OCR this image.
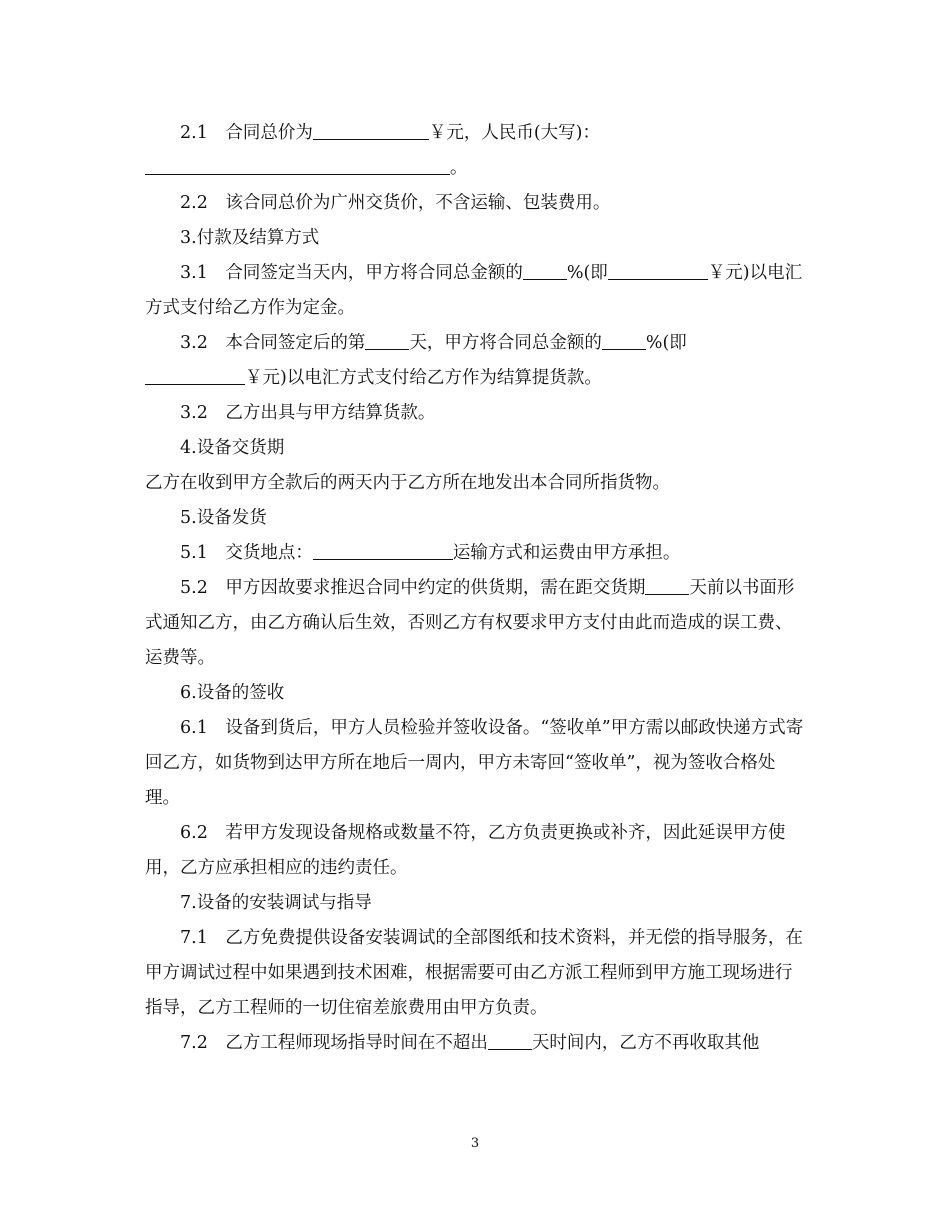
2.1　合同总价为	￥元，人民币(大写)：

。

2.2　该合同总价为广州交货价，不含运输、包装费用。

3.付款及结算方式

3.1　合同签定当天内，甲方将合同总金额的	%(即	￥元)以电汇方式支付给乙方作为定金。

3.2　本合同签定后的第	天，甲方将合同总金额的	%(即

￥元)以电汇方式支付给乙方作为结算提货款。

3.2　乙方出具与甲方结算货款。

4.设备交货期

乙方在收到甲方全款后的两天内于乙方所在地发出本合同所指货物。

5.设备发货

5.1　交货地点：	运输方式和运费由甲方承担。

5.2　甲方因故要求推迟合同中约定的供货期，需在距交货期	天前以书面形式通知乙方，由乙方确认后生效，否则乙方有权要求甲方支付由此而造成的误工费、运费等。

6.设备的签收

6.1　设备到货后，甲方人员检验并签收设备。“签收单”甲方需以邮政快递方式寄回乙方，如货物到达甲方所在地后一周内，甲方未寄回“签收单”，视为签收合格处理。

6.2　若甲方发现设备规格或数量不符，乙方负责更换或补齐，因此延误甲方使用，乙方应承担相应的违约责任。

7.设备的安装调试与指导

7.1　乙方免费提供设备安装调试的全部图纸和技术资料，并无偿的指导服务，在甲方调试过程中如果遇到技术困难，根据需要可由乙方派工程师到甲方施工现场进行指导，乙方工程师的一切住宿差旅费用由甲方负责。

7.2　乙方工程师现场指导时间在不超出	天时间内，乙方不再收取其他

3
